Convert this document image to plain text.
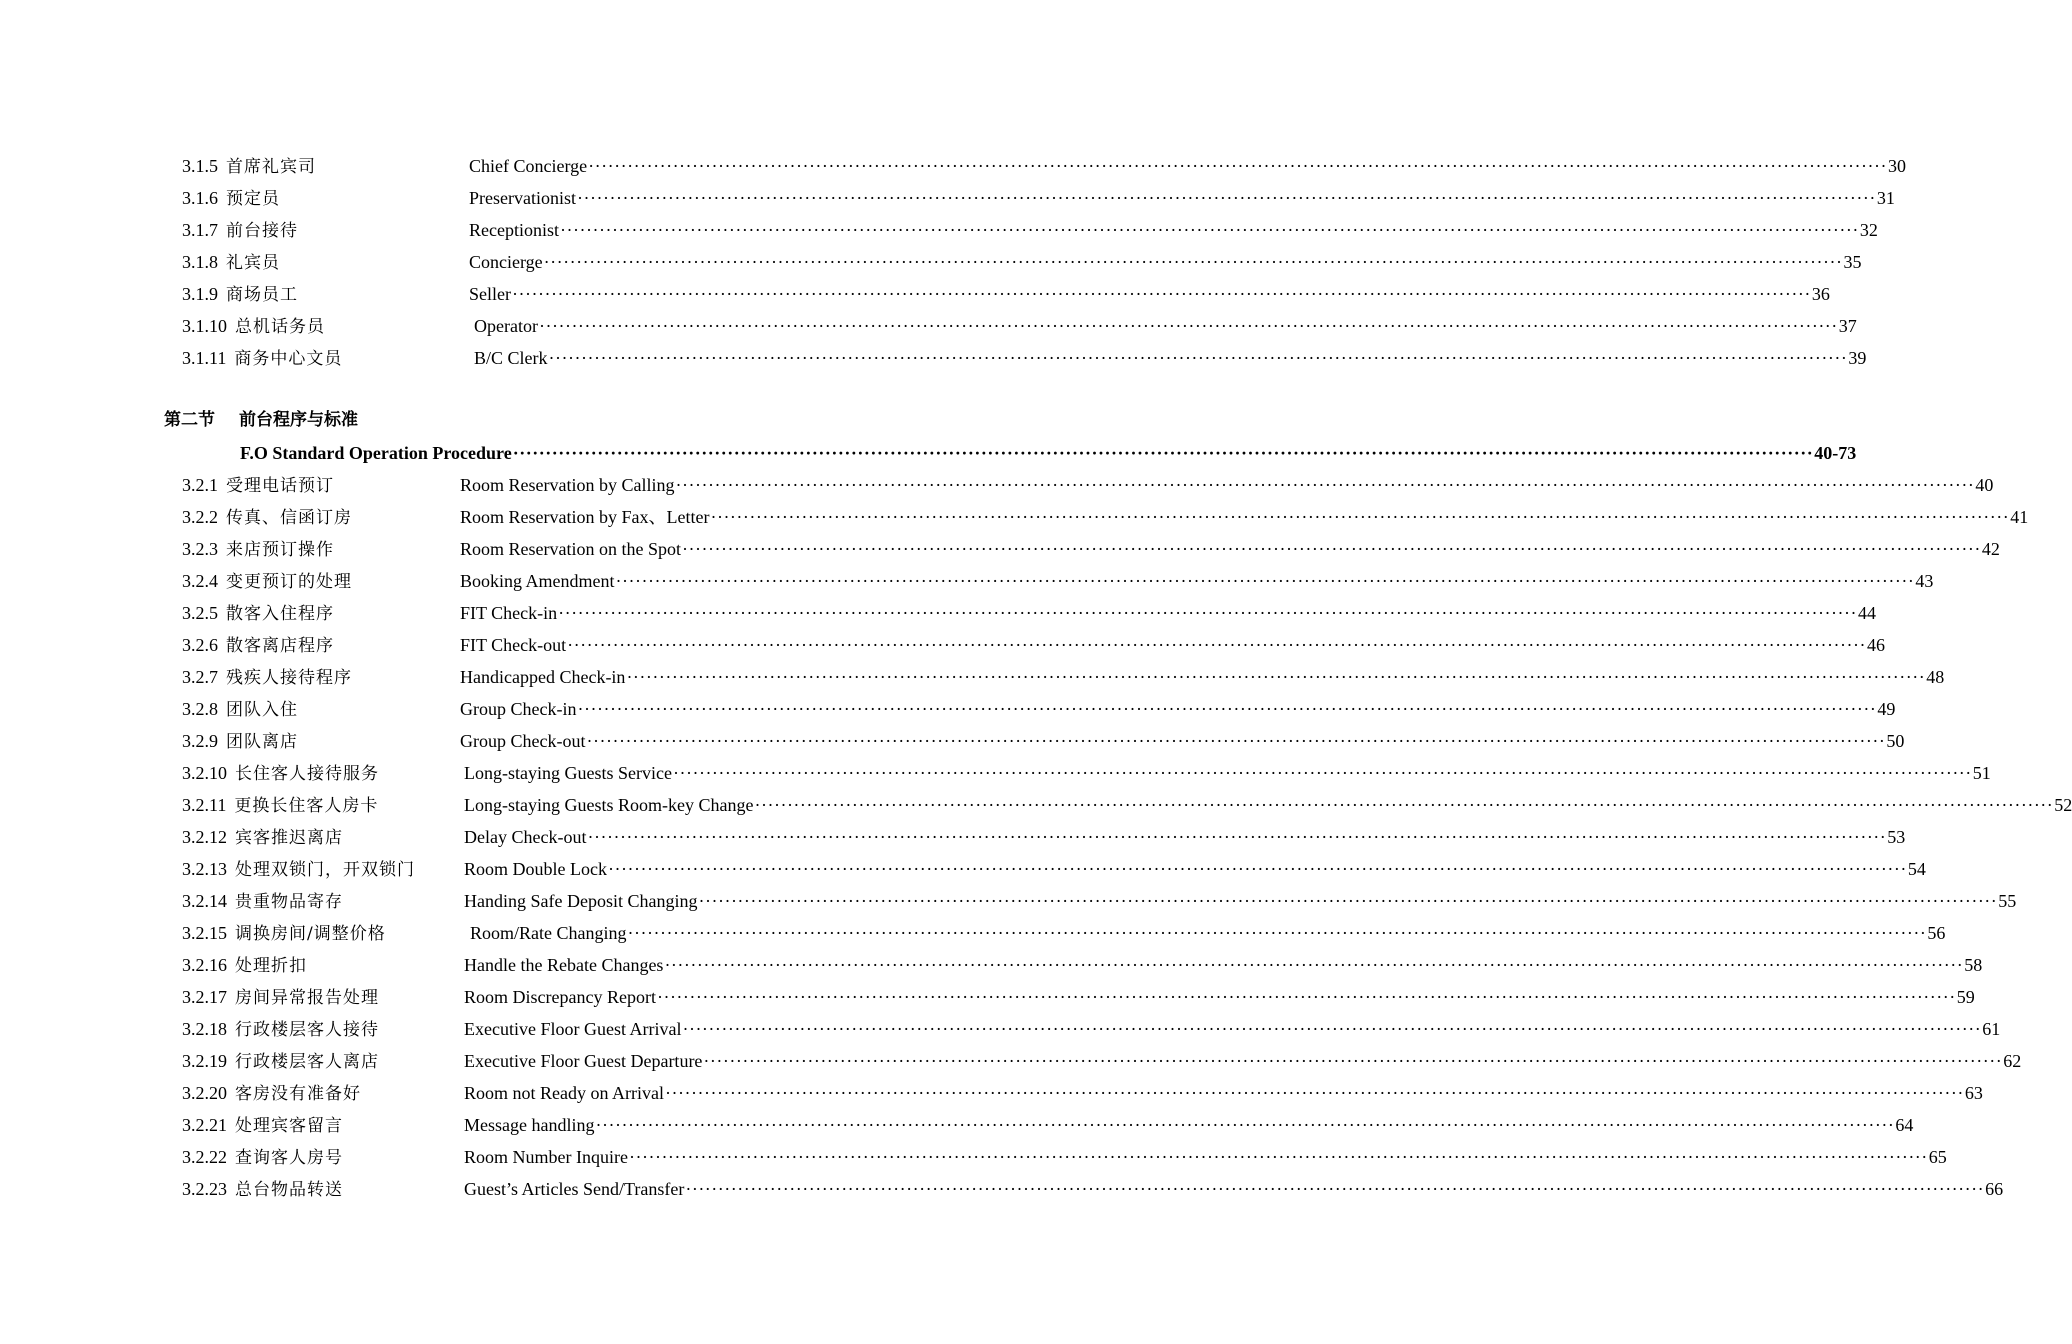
3.1.5 首席礼宾司	Chief Concierge ········································································································································································································ 30
3.1.6 预定员	Preservationist ········································································································································································································ 31
3.1.7 前台接待	Receptionist ········································································································································································································ 32
3.1.8 礼宾员	Concierge ········································································································································································································ 35
3.1.9 商场员工	Seller ········································································································································································································ 36
3.1.10 总机话务员	Operator ········································································································································································································ 37
3.1.11 商务中心文员	B/C Clerk ········································································································································································································ 39
第二节 前台程序与标准
F.O Standard Operation Procedure ········································································································································································································ 40-73
3.2.1 受理电话预订	Room Reservation by Calling ········································································································································································································ 40
3.2.2 传真、信函订房	Room Reservation by Fax、Letter ········································································································································································································ 41
3.2.3 来店预订操作	Room Reservation on the Spot ········································································································································································································ 42
3.2.4 变更预订的处理	Booking Amendment ········································································································································································································ 43
3.2.5 散客入住程序	FIT Check-in ········································································································································································································ 44
3.2.6 散客离店程序	FIT Check-out ········································································································································································································ 46
3.2.7 残疾人接待程序	Handicapped Check-in ········································································································································································································ 48
3.2.8 团队入住	Group Check-in ········································································································································································································ 49
3.2.9 团队离店	Group Check-out ········································································································································································································ 50
3.2.10 长住客人接待服务	Long-staying Guests Service ········································································································································································································ 51
3.2.11 更换长住客人房卡	Long-staying Guests Room-key Change ········································································································································································································ 52
3.2.12 宾客推迟离店	Delay Check-out ········································································································································································································ 53
3.2.13 处理双锁门，开双锁门	Room Double Lock ········································································································································································································ 54
3.2.14 贵重物品寄存	Handing Safe Deposit Changing ········································································································································································································ 55
3.2.15 调换房间/调整价格	Room/Rate Changing ········································································································································································································ 56
3.2.16 处理折扣	Handle the Rebate Changes ········································································································································································································ 58
3.2.17 房间异常报告处理	Room Discrepancy Report ········································································································································································································ 59
3.2.18 行政楼层客人接待	Executive Floor Guest Arrival ········································································································································································································ 61
3.2.19 行政楼层客人离店	Executive Floor Guest Departure ········································································································································································································ 62
3.2.20 客房没有准备好	Room not Ready on Arrival ········································································································································································································ 63
3.2.21 处理宾客留言	Message handling ········································································································································································································ 64
3.2.22 查询客人房号	Room Number Inquire ········································································································································································································ 65
3.2.23 总台物品转送	Guest’s Articles Send/Transfer ········································································································································································································ 66
